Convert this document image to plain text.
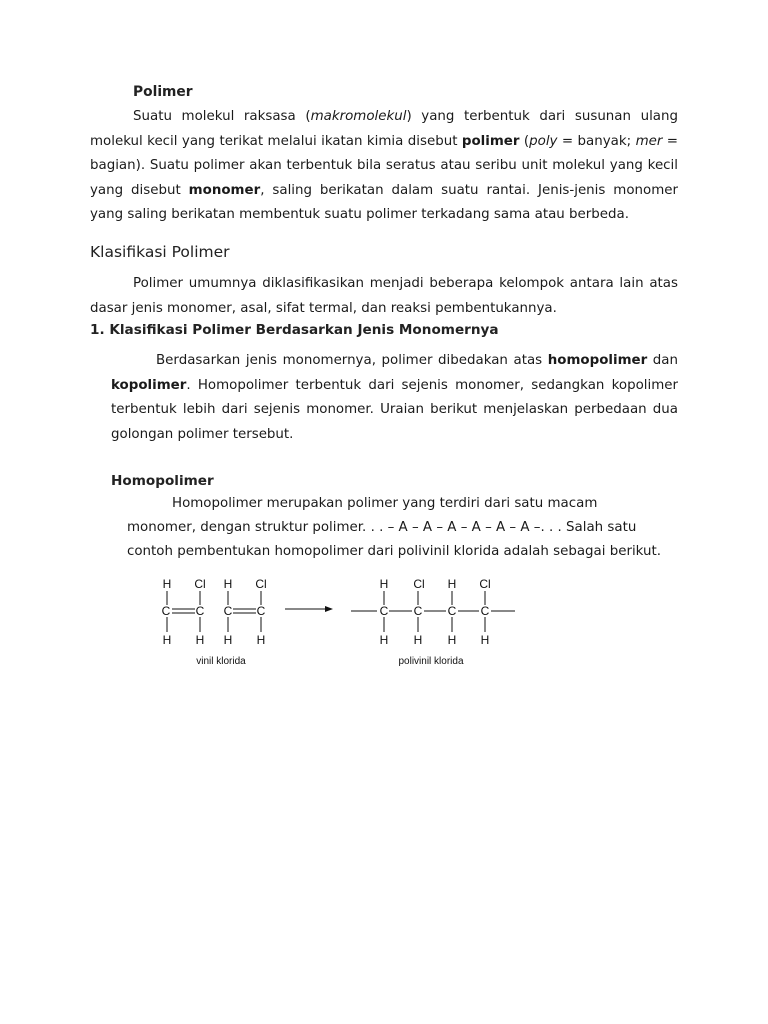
Polimer
Suatu molekul raksasa (makromolekul) yang terbentuk dari susunan ulang molekul kecil yang terikat melalui ikatan kimia disebut polimer (poly = banyak; mer = bagian). Suatu polimer akan terbentuk bila seratus atau seribu unit molekul yang kecil yang disebut monomer, saling berikatan dalam suatu rantai. Jenis-jenis monomer yang saling berikatan membentuk suatu polimer terkadang sama atau berbeda.
Klasifikasi Polimer
Polimer umumnya diklasifikasikan menjadi beberapa kelompok antara lain atas dasar jenis monomer, asal, sifat termal, dan reaksi pembentukannya.
1. Klasifikasi Polimer Berdasarkan Jenis Monomernya
Berdasarkan jenis monomernya, polimer dibedakan atas homopolimer dan kopolimer. Homopolimer terbentuk dari sejenis monomer, sedangkan kopolimer terbentuk lebih dari sejenis monomer. Uraian berikut menjelaskan perbedaan dua golongan polimer tersebut.
Homopolimer
Homopolimer merupakan polimer yang terdiri dari satu macam
monomer, dengan struktur polimer. . . – A – A – A – A – A – A –. . . Salah satu
contoh pembentukan homopolimer dari polivinil klorida adalah sebagai berikut.
H Cl H Cl
C C C C
H H H H
vinil klorida
H Cl H Cl
C C C C
H H H H
polivinil klorida
